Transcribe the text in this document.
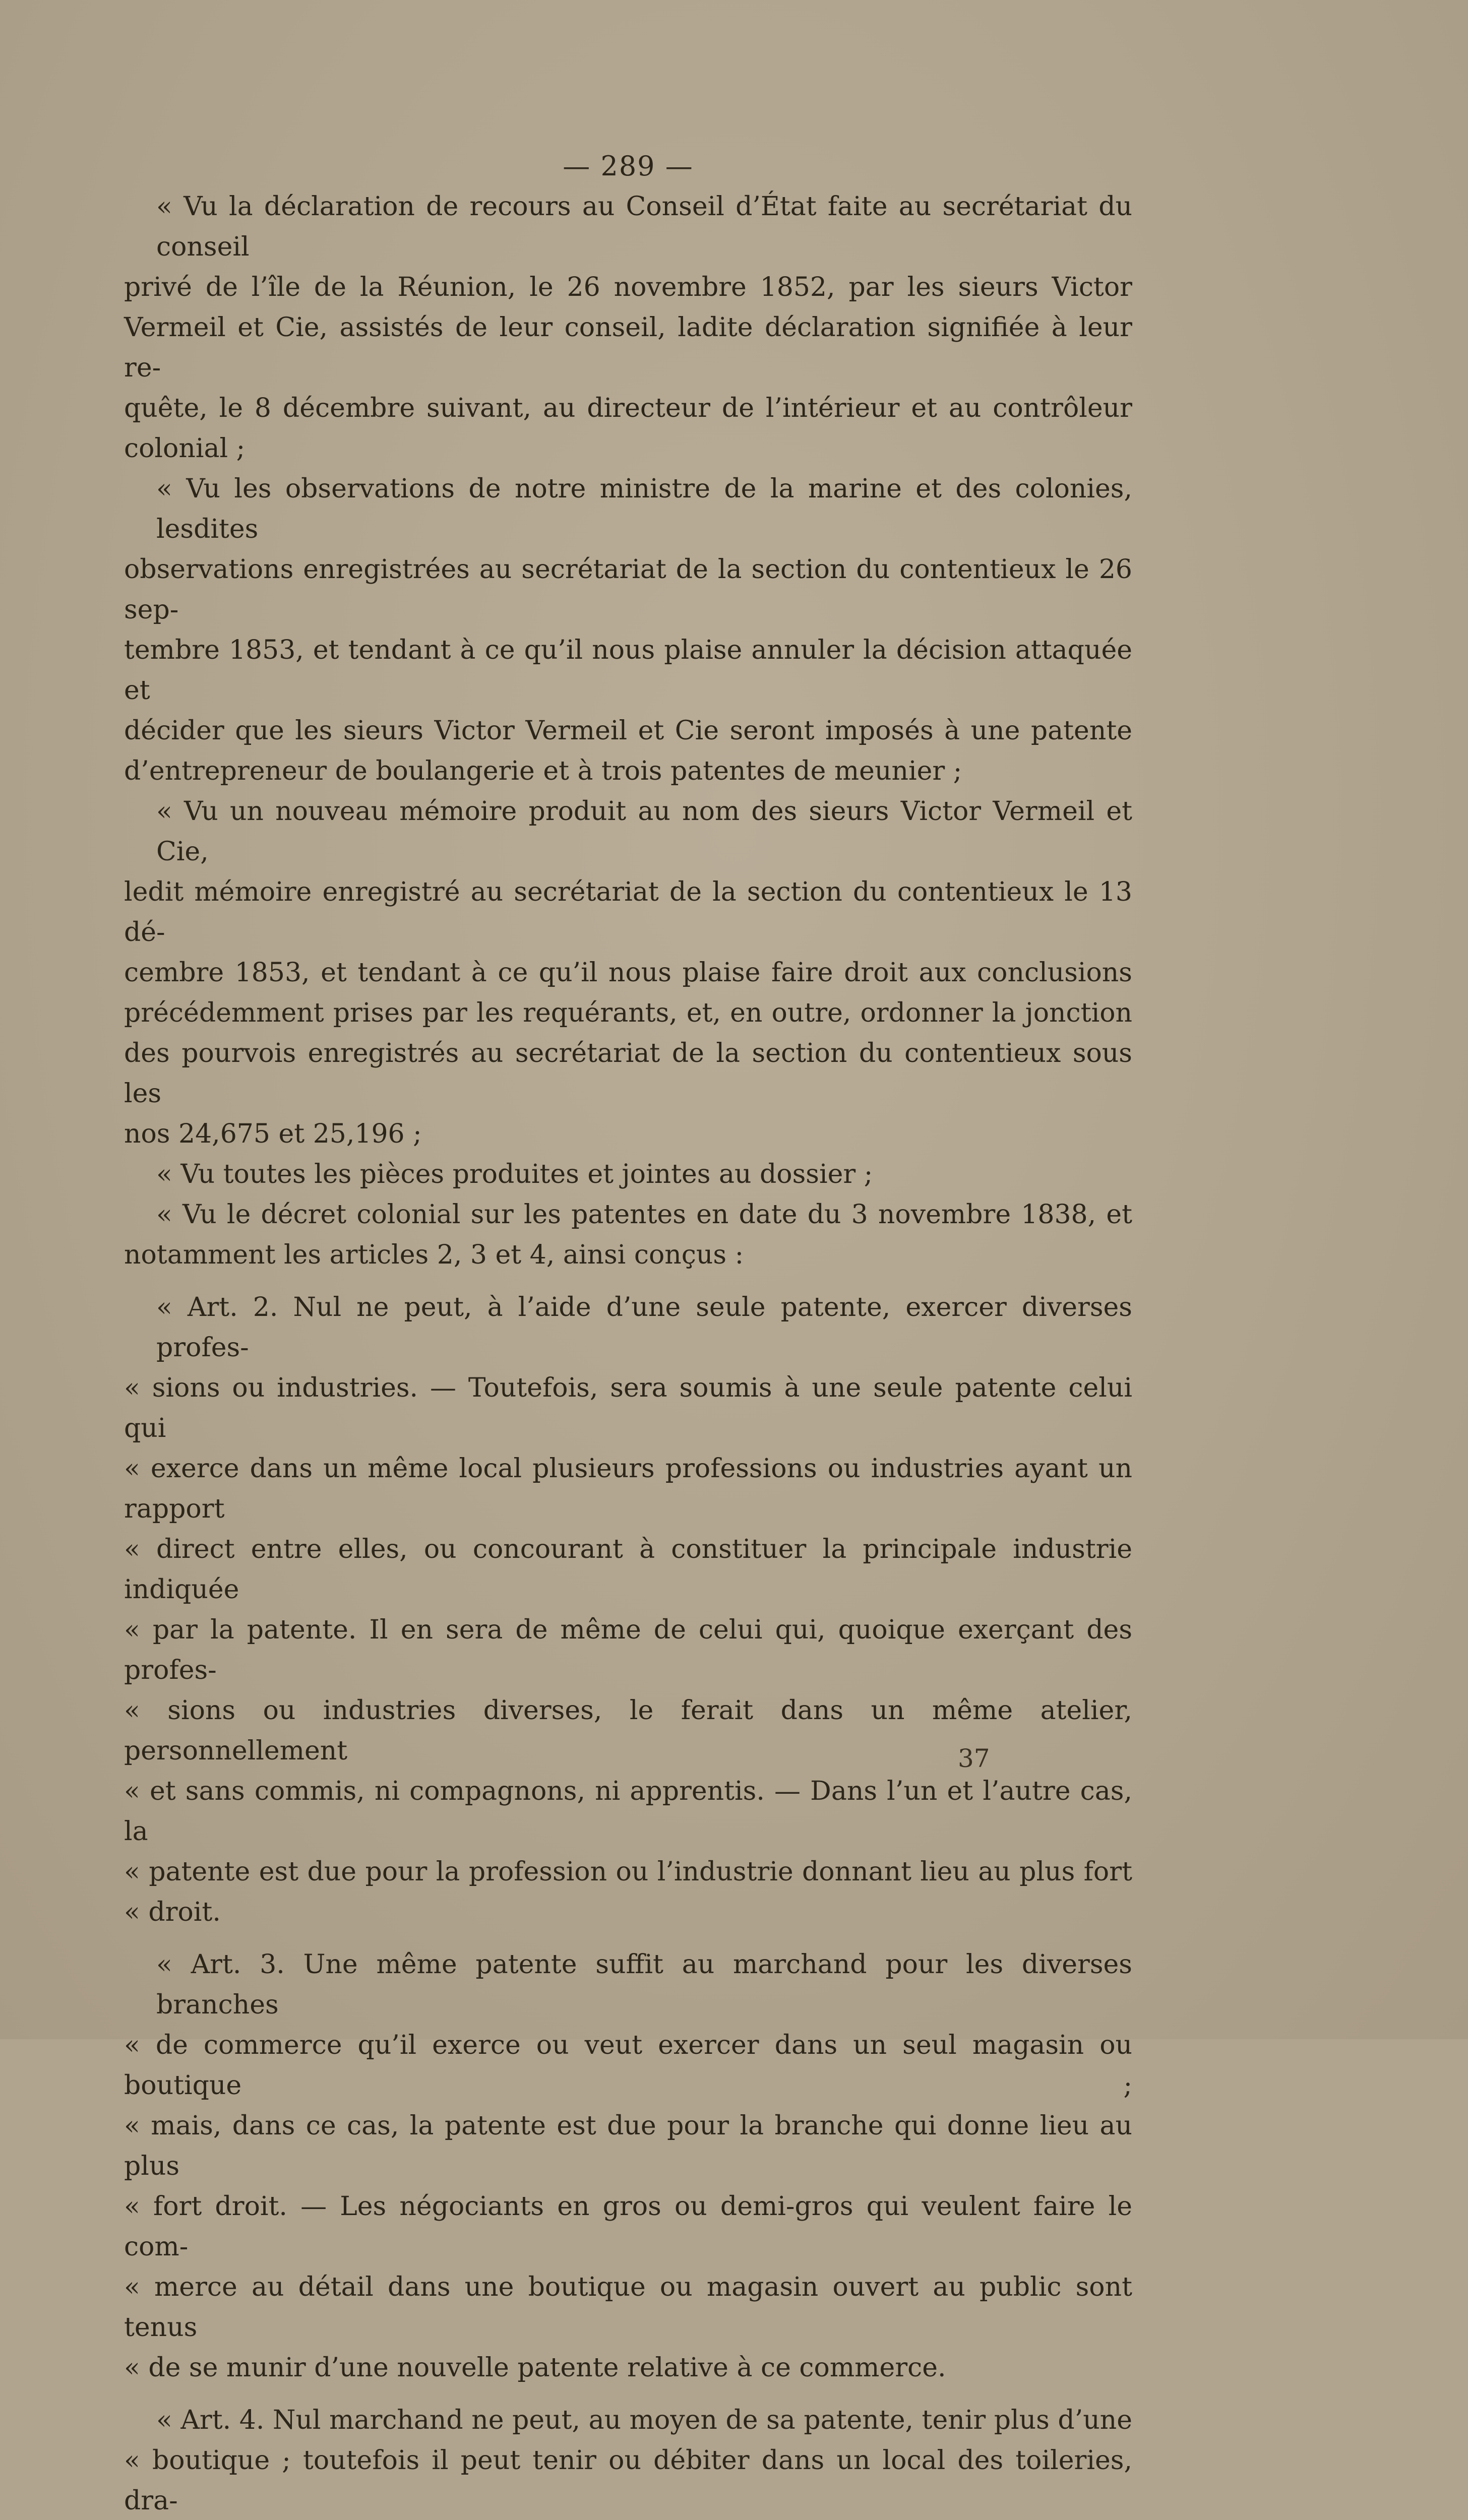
— 289 —
« Vu la déclaration de recours au Conseil d’État faite au secrétariat du conseil
privé de l’île de la Réunion, le 26 novembre 1852, par les sieurs Victor
Vermeil et Cie, assistés de leur conseil, ladite déclaration signifiée à leur re-
quête, le 8 décembre suivant, au directeur de l’intérieur et au contrôleur
colonial ;
« Vu les observations de notre ministre de la marine et des colonies, lesdites
observations enregistrées au secrétariat de la section du contentieux le 26 sep-
tembre 1853, et tendant à ce qu’il nous plaise annuler la décision attaquée et
décider que les sieurs Victor Vermeil et Cie seront imposés à une patente
d’entrepreneur de boulangerie et à trois patentes de meunier ;
« Vu un nouveau mémoire produit au nom des sieurs Victor Vermeil et Cie,
ledit mémoire enregistré au secrétariat de la section du contentieux le 13 dé-
cembre 1853, et tendant à ce qu’il nous plaise faire droit aux conclusions
précédemment prises par les requérants, et, en outre, ordonner la jonction
des pourvois enregistrés au secrétariat de la section du contentieux sous les
nos 24,675 et 25,196 ;
« Vu toutes les pièces produites et jointes au dossier ;
« Vu le décret colonial sur les patentes en date du 3 novembre 1838, et
notamment les articles 2, 3 et 4, ainsi conçus :
« Art. 2. Nul ne peut, à l’aide d’une seule patente, exercer diverses profes-
« sions ou industries. — Toutefois, sera soumis à une seule patente celui qui
« exerce dans un même local plusieurs professions ou industries ayant un rapport
« direct entre elles, ou concourant à constituer la principale industrie indiquée
« par la patente. Il en sera de même de celui qui, quoique exerçant des profes-
« sions ou industries diverses, le ferait dans un même atelier, personnellement
« et sans commis, ni compagnons, ni apprentis. — Dans l’un et l’autre cas, la
« patente est due pour la profession ou l’industrie donnant lieu au plus fort
« droit.
« Art. 3. Une même patente suffit au marchand pour les diverses branches
« de commerce qu’il exerce ou veut exercer dans un seul magasin ou boutique ;
« mais, dans ce cas, la patente est due pour la branche qui donne lieu au plus
« fort droit. — Les négociants en gros ou demi-gros qui veulent faire le com-
« merce au détail dans une boutique ou magasin ouvert au public sont tenus
« de se munir d’une nouvelle patente relative à ce commerce.
« Art. 4. Nul marchand ne peut, au moyen de sa patente, tenir plus d’une
« boutique ; toutefois il peut tenir ou débiter dans un local des toileries, dra-
37
